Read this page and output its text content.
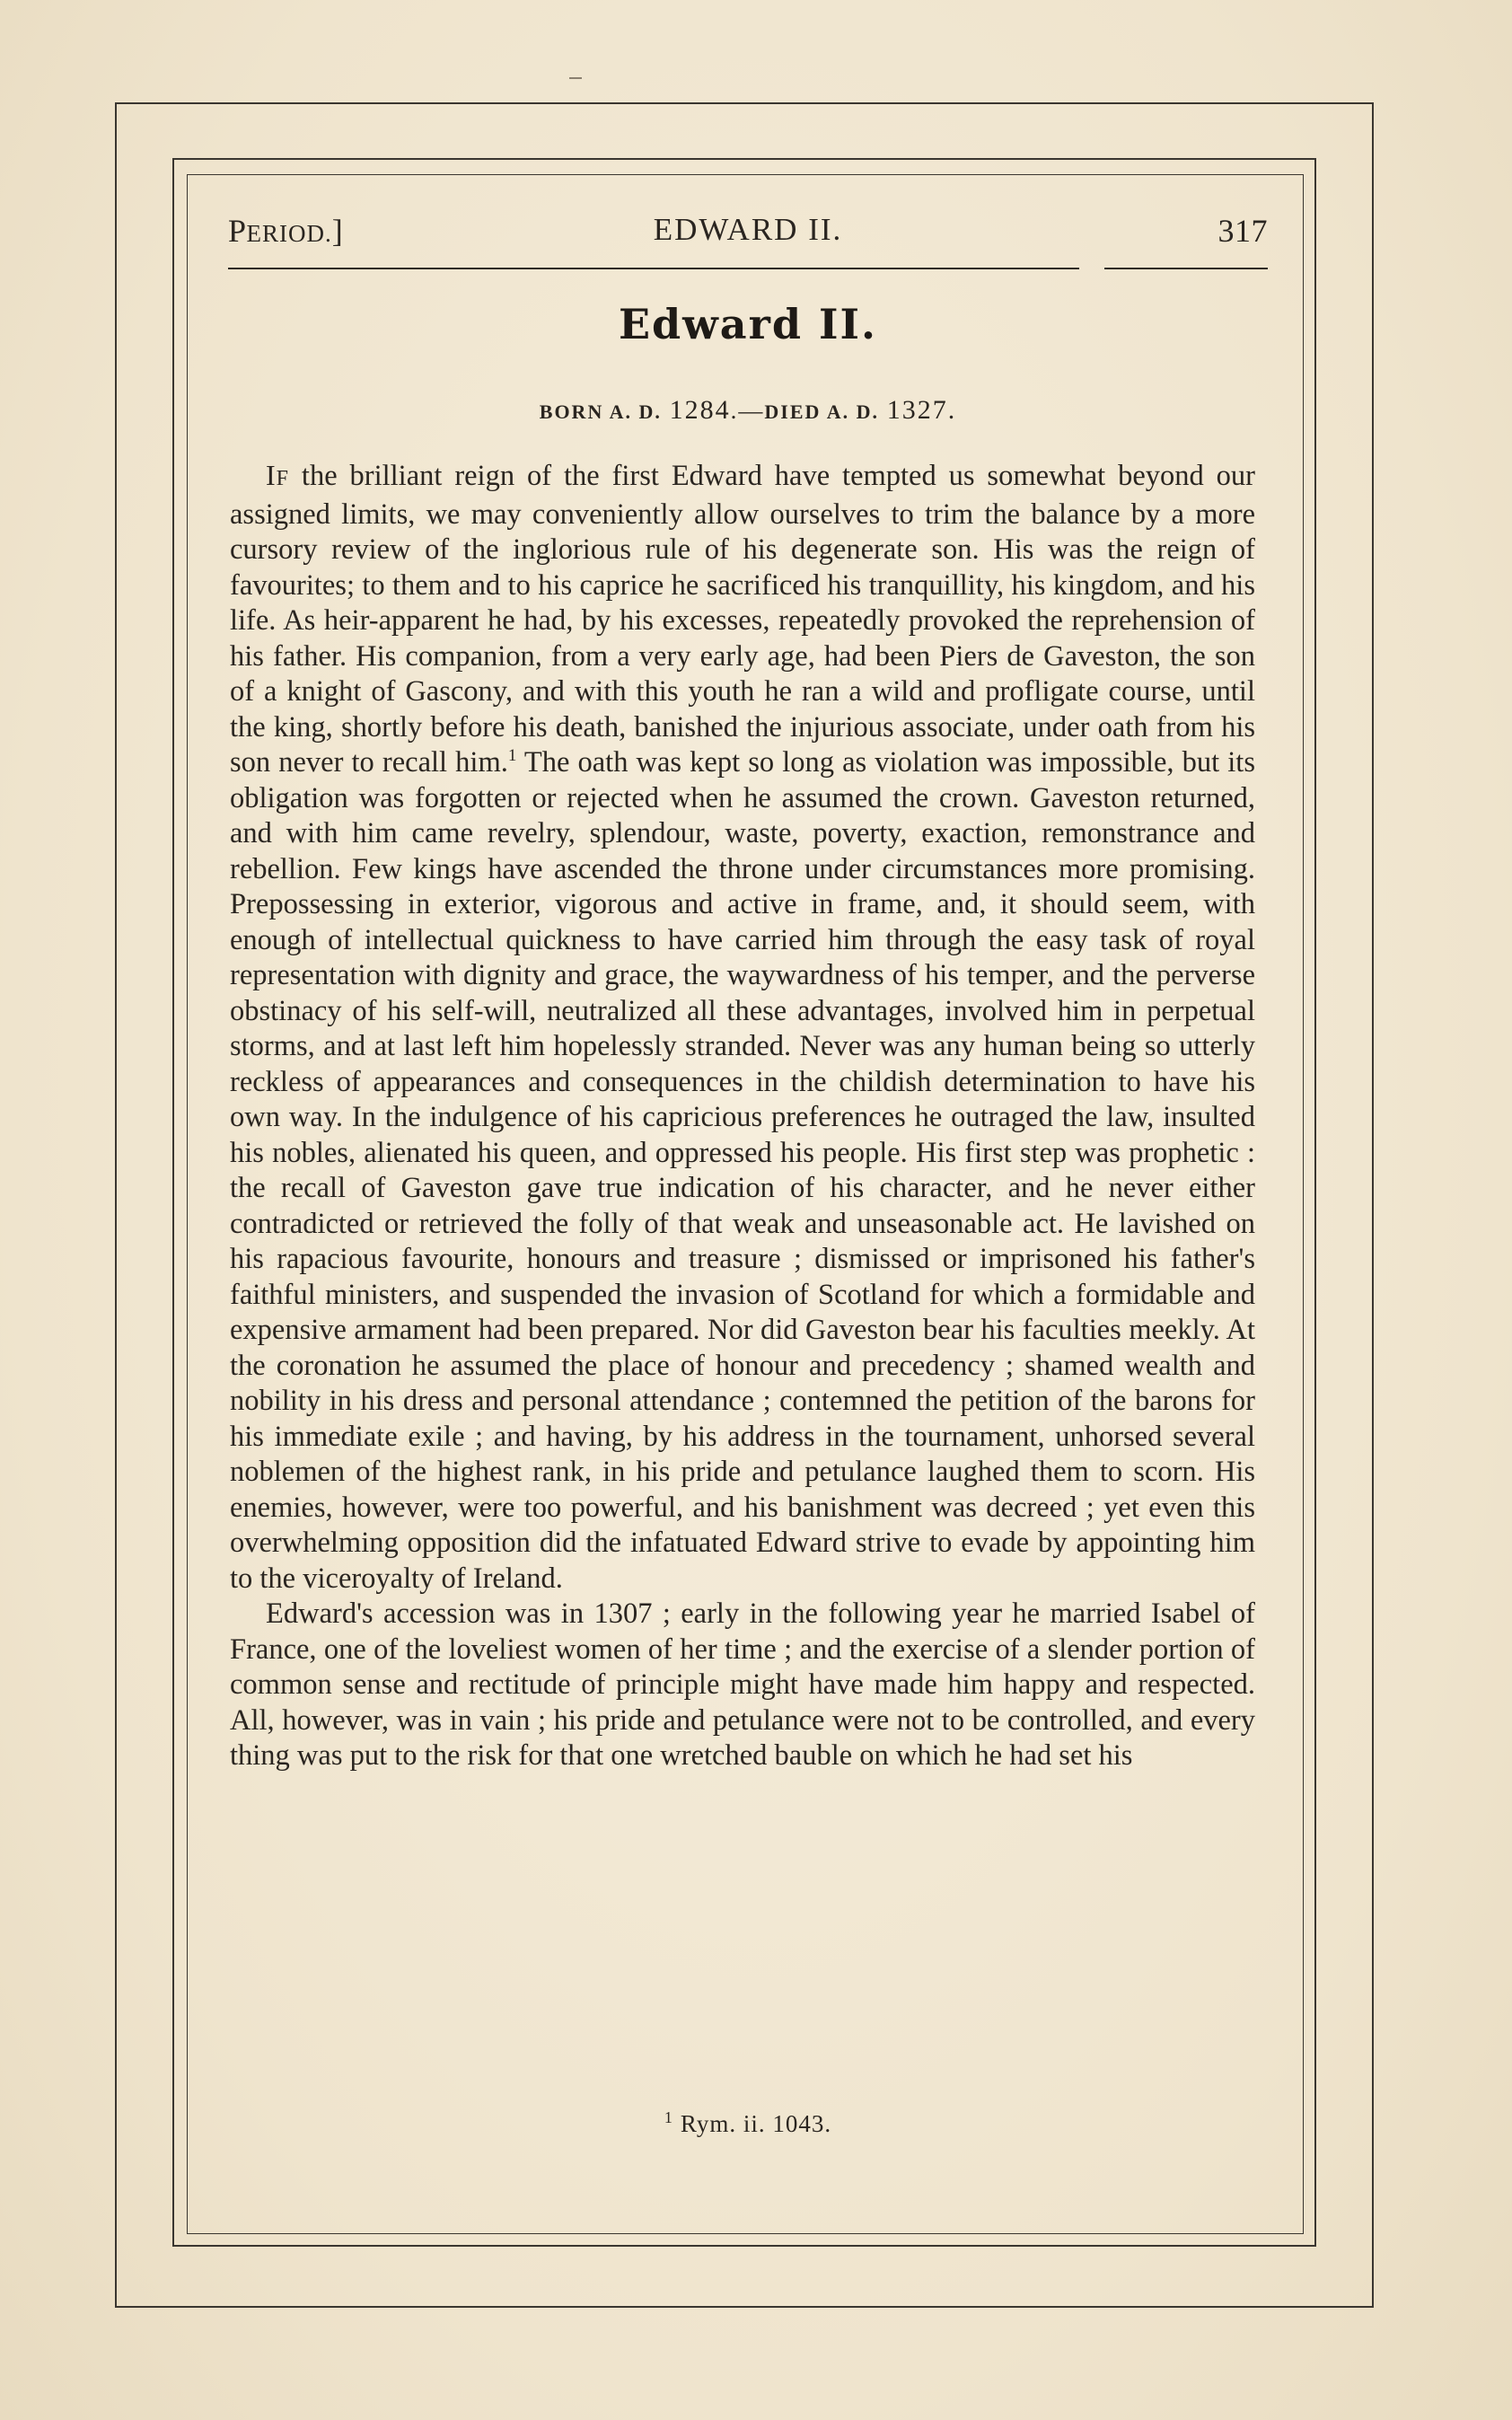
PERIOD.]	EDWARD II.	317
Edward II.
BORN A. D. 1284.—DIED A. D. 1327.

IF the brilliant reign of the first Edward have tempted us somewhat beyond our assigned limits, we may conveniently allow ourselves to trim the balance by a more cursory review of the inglorious rule of his degenerate son. His was the reign of favourites; to them and to his caprice he sacrificed his tranquillity, his kingdom, and his life. As heir-apparent he had, by his excesses, repeatedly provoked the reprehension of his father. His companion, from a very early age, had been Piers de Gaveston, the son of a knight of Gascony, and with this youth he ran a wild and profligate course, until the king, shortly before his death, banished the injurious associate, under oath from his son never to recall him.$^1$ The oath was kept so long as violation was impossible, but its obligation was forgotten or rejected when he assumed the crown. Gaveston returned, and with him came revelry, splendour, waste, poverty, exaction, remonstrance and rebellion. Few kings have ascended the throne under circumstances more promising. Prepossessing in exterior, vigorous and active in frame, and, it should seem, with enough of intellectual quickness to have carried him through the easy task of royal representation with dignity and grace, the waywardness of his temper, and the perverse obstinacy of his self-will, neutralized all these advantages, involved him in perpetual storms, and at last left him hopelessly stranded. Never was any human being so utterly reckless of appearances and consequences in the childish determination to have his own way. In the indulgence of his capricious preferences he outraged the law, insulted his nobles, alienated his queen, and oppressed his people. His first step was prophetic : the recall of Gaveston gave true indication of his character, and he never either contradicted or retrieved the folly of that weak and unseasonable act. He lavished on his rapacious favourite, honours and treasure ; dismissed or imprisoned his father's faithful ministers, and suspended the invasion of Scotland for which a formidable and expensive armament had been prepared. Nor did Gaveston bear his faculties meekly. At the coronation he assumed the place of honour and precedency ; shamed wealth and nobility in his dress and personal attendance ; contemned the petition of the barons for his immediate exile ; and having, by his address in the tournament, unhorsed several noblemen of the highest rank, in his pride and petulance laughed them to scorn. His enemies, however, were too powerful, and his banishment was decreed ; yet even this overwhelming opposition did the infatuated Edward strive to evade by appointing him to the viceroyalty of Ireland.

Edward's accession was in 1307 ; early in the following year he married Isabel of France, one of the loveliest women of her time ; and the exercise of a slender portion of common sense and rectitude of principle might have made him happy and respected. All, however, was in vain ; his pride and petulance were not to be controlled, and every thing was put to the risk for that one wretched bauble on which he had set his

$^1$ Rym. ii. 1043.
